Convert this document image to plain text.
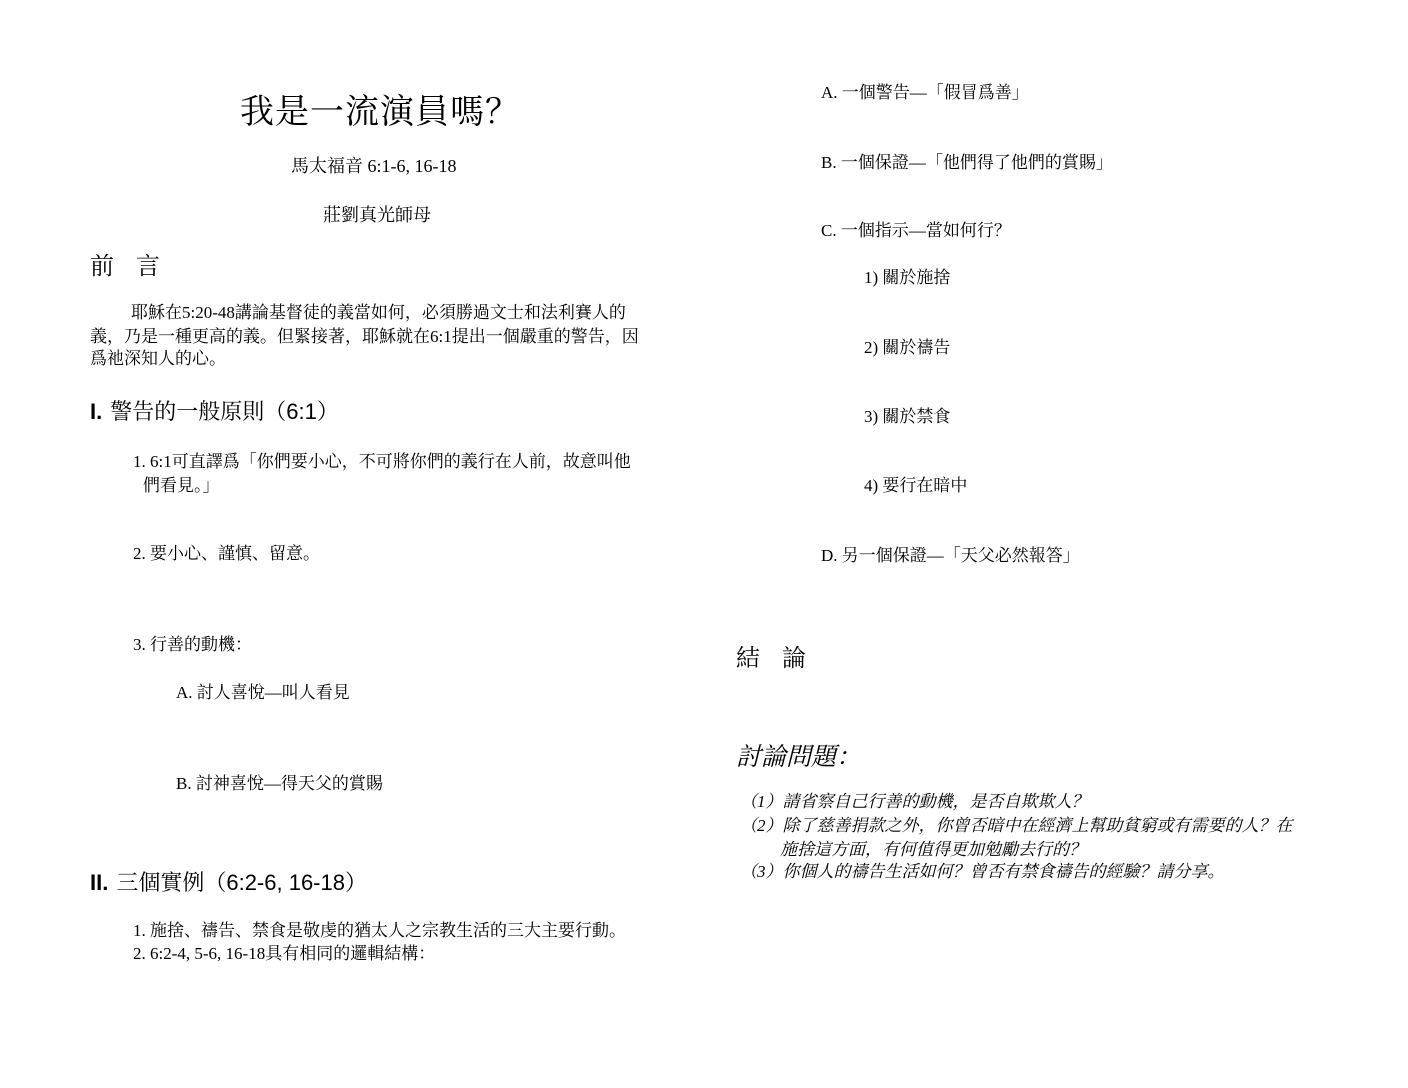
我是一流演員嗎？
馬太福音 6:1-6, 16-18
莊劉真光師母
前 言
耶穌在5:20-48講論基督徒的義當如何，必須勝過文士和法利賽人的
義，乃是一種更高的義。但緊接著，耶穌就在6:1提出一個嚴重的警告，因
爲祂深知人的心。
I. 警告的一般原則（6:1）
1. 6:1可直譯爲「你們要小心，不可將你們的義行在人前，故意叫他
們看見。」
2. 要小心、謹慎、留意。
3. 行善的動機：
A. 討人喜悅—叫人看見
B. 討神喜悅—得天父的賞賜
II. 三個實例（6:2-6, 16-18）
1. 施捨、禱告、禁食是敬虔的猶太人之宗教生活的三大主要行動。
2. 6:2-4, 5-6, 16-18具有相同的邏輯結構：
A. 一個警告—「假冒爲善」
B. 一個保證—「他們得了他們的賞賜」
C. 一個指示—當如何行？
1) 關於施捨
2) 關於禱告
3) 關於禁食
4) 要行在暗中
D. 另一個保證—「天父必然報答」
結 論
討論問題：
（1）請省察自己行善的動機，是否自欺欺人？
（2）除了慈善捐款之外，你曾否暗中在經濟上幫助貧窮或有需要的人？在
施捨這方面，有何值得更加勉勵去行的？
（3）你個人的禱告生活如何？曾否有禁食禱告的經驗？請分享。
